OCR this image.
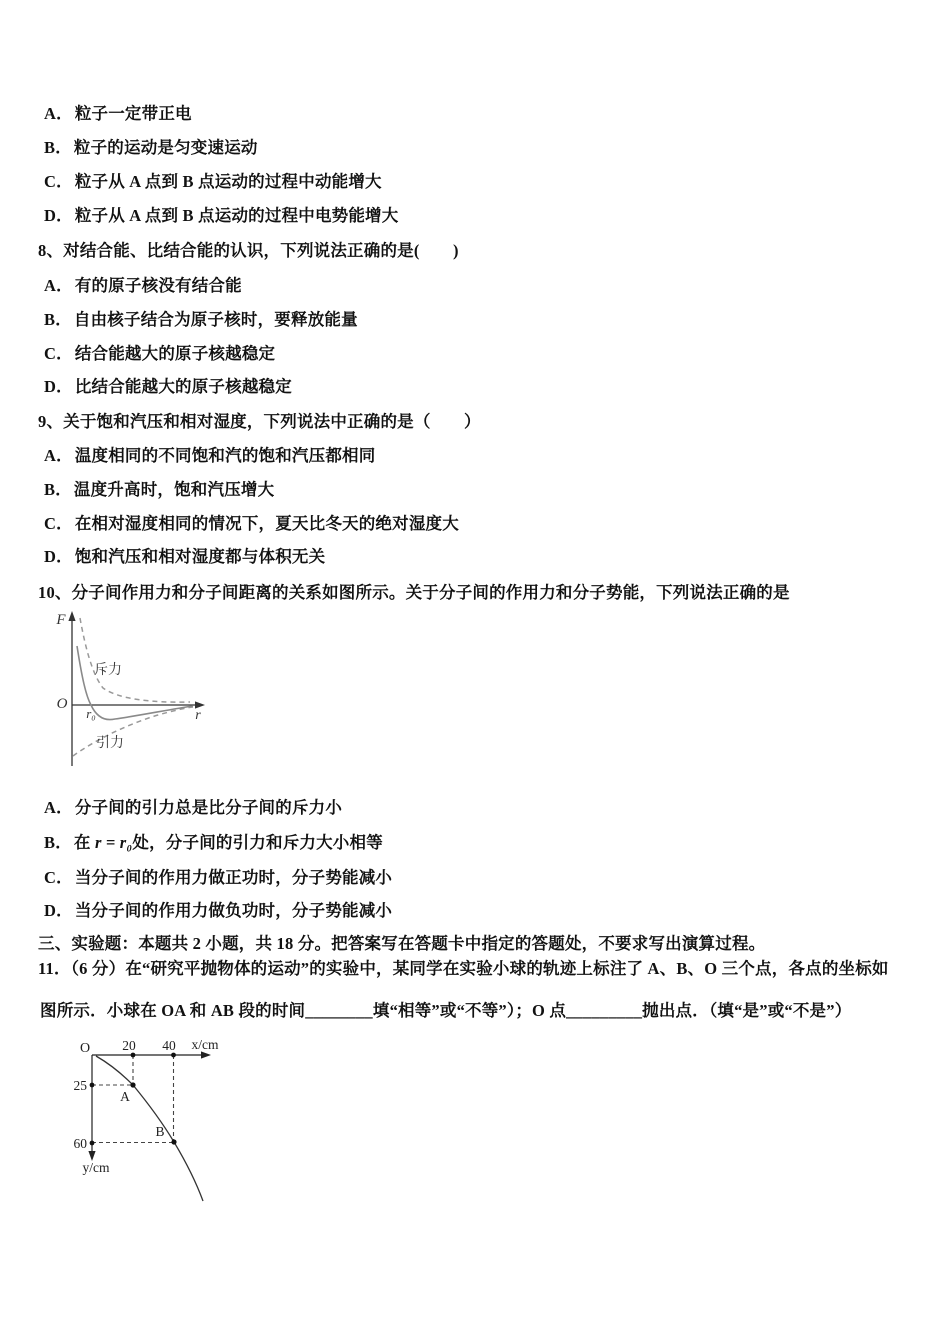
A． 粒子一定带正电
B． 粒子的运动是匀变速运动
C． 粒子从 A 点到 B 点运动的过程中动能增大
D． 粒子从 A 点到 B 点运动的过程中电势能增大
8、对结合能、比结合能的认识，下列说法正确的是(　　)
A． 有的原子核没有结合能
B． 自由核子结合为原子核时，要释放能量
C． 结合能越大的原子核越稳定
D． 比结合能越大的原子核越稳定
9、关于饱和汽压和相对湿度，下列说法中正确的是（　　）
A． 温度相同的不同饱和汽的饱和汽压都相同
B． 温度升高时，饱和汽压增大
C． 在相对湿度相同的情况下，夏天比冬天的绝对湿度大
D． 饱和汽压和相对湿度都与体积无关
10、分子间作用力和分子间距离的关系如图所示。关于分子间的作用力和分子势能，下列说法正确的是
F
O
r₀	r
斥力
引力
A． 分子间的引力总是比分子间的斥力小
B． 在 r = r₀处，分子间的引力和斥力大小相等
C． 当分子间的作用力做正功时，分子势能减小
D． 当分子间的作用力做负功时，分子势能减小
三、实验题：本题共 2 小题，共 18 分。把答案写在答题卡中指定的答题处，不要求写出演算过程。
11．（6 分）在“研究平抛物体的运动”的实验中，某同学在实验小球的轨迹上标注了 A、B、O 三个点，各点的坐标如
图所示．小球在 OA 和 AB 段的时间________填“相等”或“不等”）；O 点_________抛出点．（填“是”或“不是”）
O	x/cm
y/cm
20 40
25
60
A
B
